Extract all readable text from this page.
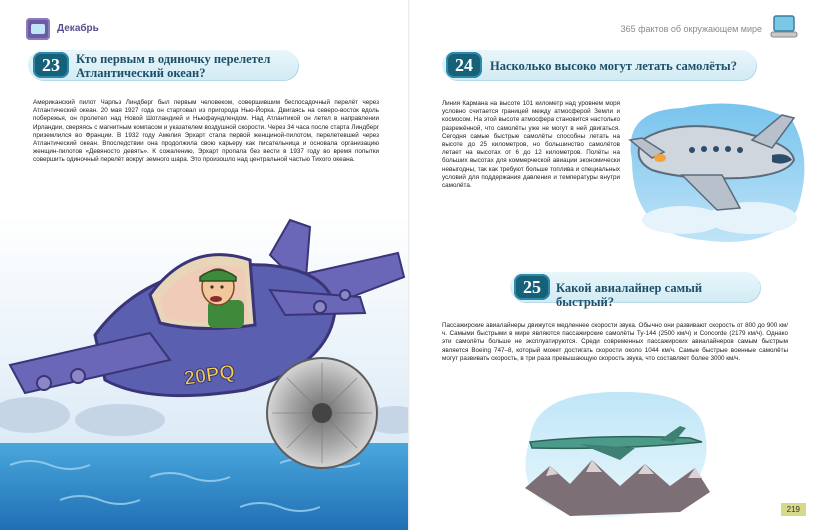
Декабрь
23	Кто первым в одиночку перелетел Атлантический океан?
Американский пилот Чарльз Линдберг был первым человеком, совершившим беспосадочный перелёт через Атлантический океан. 20 мая 1927 года он стартовал из пригорода Нью-Йорка. Двигаясь на северо-восток вдоль побережья, он пролетел над Новой Шотландией и Ньюфаундлендом. Над Атлантикой он летел в направлении Ирландии, сверяясь с магнитным компасом и указателем воздушной скорости. Через 34 часа после старта Линдберг приземлился во Франции. В 1932 году Амелия Эрхарт стала первой женщиной-пилотом, перелетевшей через Атлантический океан. Впоследствии она продолжила свою карьеру как писательница и основала организацию женщин-пилотов «Девяносто девять». К сожалению, Эрхарт пропала без вести в 1937 году во время попытки совершить одиночный перелёт вокруг земного шара. Это произошло над центральной частью Тихого океана.
20PQ
365 фактов об окружающем мире
24	Насколько высоко могут летать самолёты?
Линия Кармана на высоте 101 километр над уровнем моря условно считается границей между атмосферой Земли и космосом. На этой высоте атмосфера становится настолько разрежённой, что самолёты уже не могут в ней двигаться. Сегодня самые быстрые самолёты способны летать на высоте до 25 километров, но большинство самолётов летает на высотах от 6 до 12 километров. Полёты на больших высотах для коммерческой авиации экономически невыгодны, так как требуют больше топлива и специальных условий для поддержания давления и температуры внутри самолёта.
25	Какой авиалайнер самый быстрый?
Пассажирские авиалайнеры движутся медленнее скорости звука. Обычно они развивают скорость от 800 до 900 км/ч. Самыми быстрыми в мире являются пассажирские самолёты Ту-144 (2500 км/ч) и Concorde (2179 км/ч). Однако эти самолёты больше не эксплуатируются. Среди современных пассажирских авиалайнеров самым быстрым является Boeing 747–8, который может достигать скорости около 1044 км/ч. Самые быстрые военные самолёты могут развивать скорость, в три раза превышающую скорость звука, что составляет более 3000 км/ч.
219
